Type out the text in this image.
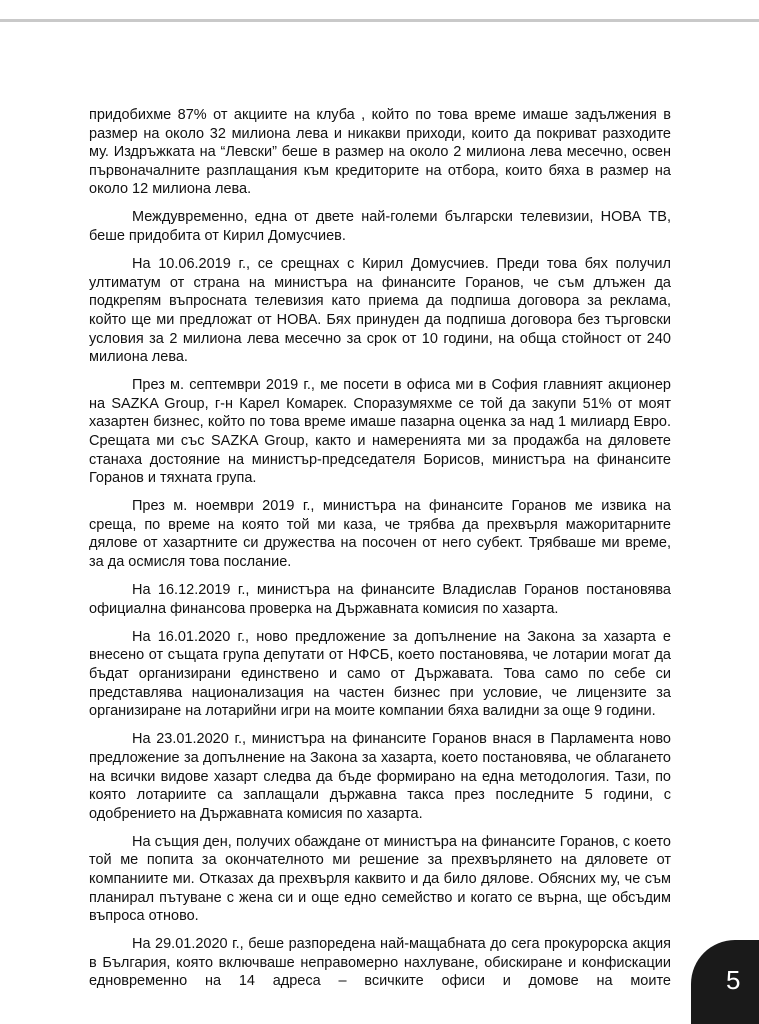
придобихме 87% от акциите на клуба , който по това време имаше задължения в размер на около 32 милиона лева и никакви приходи, които да покриват разходите му. Издръжката на “Левски” беше в размер на около 2 милиона лева месечно, освен първоначалните разплащания към кредиторите на отбора, които бяха в размер на около 12 милиона лева.

Междувременно, една от двете най-големи български телевизии, НОВА ТВ, беше придобита от Кирил Домусчиев.

На 10.06.2019 г., се срещнах с Кирил Домусчиев. Преди това бях получил ултиматум от страна на министъра на финансите Горанов, че съм длъжен да подкрепям въпросната телевизия като приема да подпиша договора за реклама, който ще ми предложат от НОВА. Бях принуден да подпиша договора без търговски условия за 2 милиона лева месечно за срок от 10 години, на обща стойност от 240 милиона лева.

През м. септември 2019 г., ме посети в офиса ми в София главният акционер на SAZKA Group, г-н Карел Комарек. Споразумяхме се той да закупи 51% от моят хазартен бизнес, който по това време имаше пазарна оценка за над 1 милиард Евро. Срещата ми със SAZKA Group, както и намеренията ми за продажба на дяловете станаха достояние на министър-председателя Борисов, министъра на финансите Горанов и тяхната група.

През м. ноември 2019 г., министъра на финансите Горанов ме извика на среща, по време на която той ми каза, че трябва да прехвърля мажоритарните дялове от хазартните си дружества на посочен от него субект. Трябваше ми време, за да осмисля това послание.

На 16.12.2019 г., министъра на финансите Владислав Горанов постановява официална финансова проверка на Държавната комисия по хазарта.

На 16.01.2020 г., ново предложение за допълнение на Закона за хазарта е внесено от същата група депутати от НФСБ, което постановява, че лотарии могат да бъдат организирани единствено и само от Държавата. Това само по себе си представлява национализация на частен бизнес при условие, че лицензите за организиране на лотарийни игри на моите компании бяха валидни за още 9 години.

На 23.01.2020 г., министъра на финансите Горанов внася в Парламента ново предложение за допълнение на Закона за хазарта, което постановява, че облагането на всички видове хазарт следва да бъде формирано на една методология. Тази, по която лотариите са заплащали държавна такса през последните 5 години, с одобрението на Държавната комисия по хазарта.

На същия ден, получих обаждане от министъра на финансите Горанов, с което той ме попита за окончателното ми решение за прехвърлянето на дяловете от компаниите ми. Отказах да прехвърля каквито и да било дялове. Обясних му, че съм планирал пътуване с жена си и още едно семейство и когато се върна, ще обсъдим въпроса отново.

На 29.01.2020 г., беше разпоредена най-мащабната до сега прокурорска акция в България, която включваше неправомерно нахлуване, обискиране и конфискации едновременно на 14 адреса – всичките офиси и домове на моите 5
